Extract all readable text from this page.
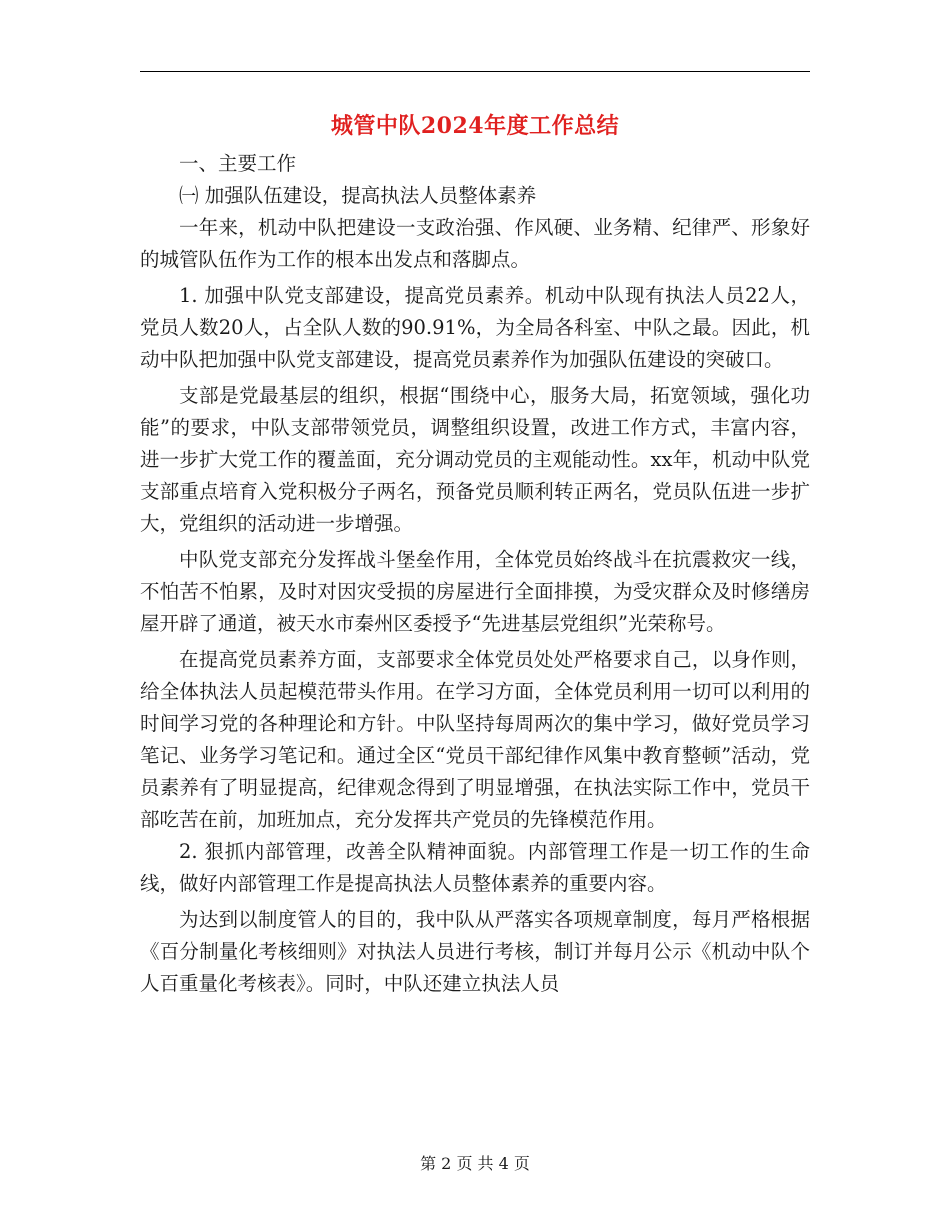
城管中队2024年度工作总结

一、主要工作

㈠ 加强队伍建设，提高执法人员整体素养

一年来，机动中队把建设一支政治强、作风硬、业务精、纪律严、形象好的城管队伍作为工作的根本出发点和落脚点。

1. 加强中队党支部建设，提高党员素养。机动中队现有执法人员22人，党员人数20人，占全队人数的90.91%，为全局各科室、中队之最。因此，机动中队把加强中队党支部建设，提高党员素养作为加强队伍建设的突破口。

支部是党最基层的组织，根据“围绕中心，服务大局，拓宽领域，强化功能”的要求，中队支部带领党员，调整组织设置，改进工作方式，丰富内容，进一步扩大党工作的覆盖面，充分调动党员的主观能动性。xx年，机动中队党支部重点培育入党积极分子两名，预备党员顺利转正两名，党员队伍进一步扩大，党组织的活动进一步增强。

中队党支部充分发挥战斗堡垒作用，全体党员始终战斗在抗震救灾一线，不怕苦不怕累，及时对因灾受损的房屋进行全面排摸，为受灾群众及时修缮房屋开辟了通道，被天水市秦州区委授予“先进基层党组织”光荣称号。

在提高党员素养方面，支部要求全体党员处处严格要求自己，以身作则，给全体执法人员起模范带头作用。在学习方面，全体党员利用一切可以利用的时间学习党的各种理论和方针。中队坚持每周两次的集中学习，做好党员学习笔记、业务学习笔记和。通过全区“党员干部纪律作风集中教育整顿”活动，党员素养有了明显提高，纪律观念得到了明显增强，在执法实际工作中，党员干部吃苦在前，加班加点，充分发挥共产党员的先锋模范作用。

2. 狠抓内部管理，改善全队精神面貌。内部管理工作是一切工作的生命线，做好内部管理工作是提高执法人员整体素养的重要内容。

为达到以制度管人的目的，我中队从严落实各项规章制度，每月严格根据《百分制量化考核细则》对执法人员进行考核，制订并每月公示《机动中队个人百重量化考核表》。同时，中队还建立执法人员

第 2 页 共 4 页
